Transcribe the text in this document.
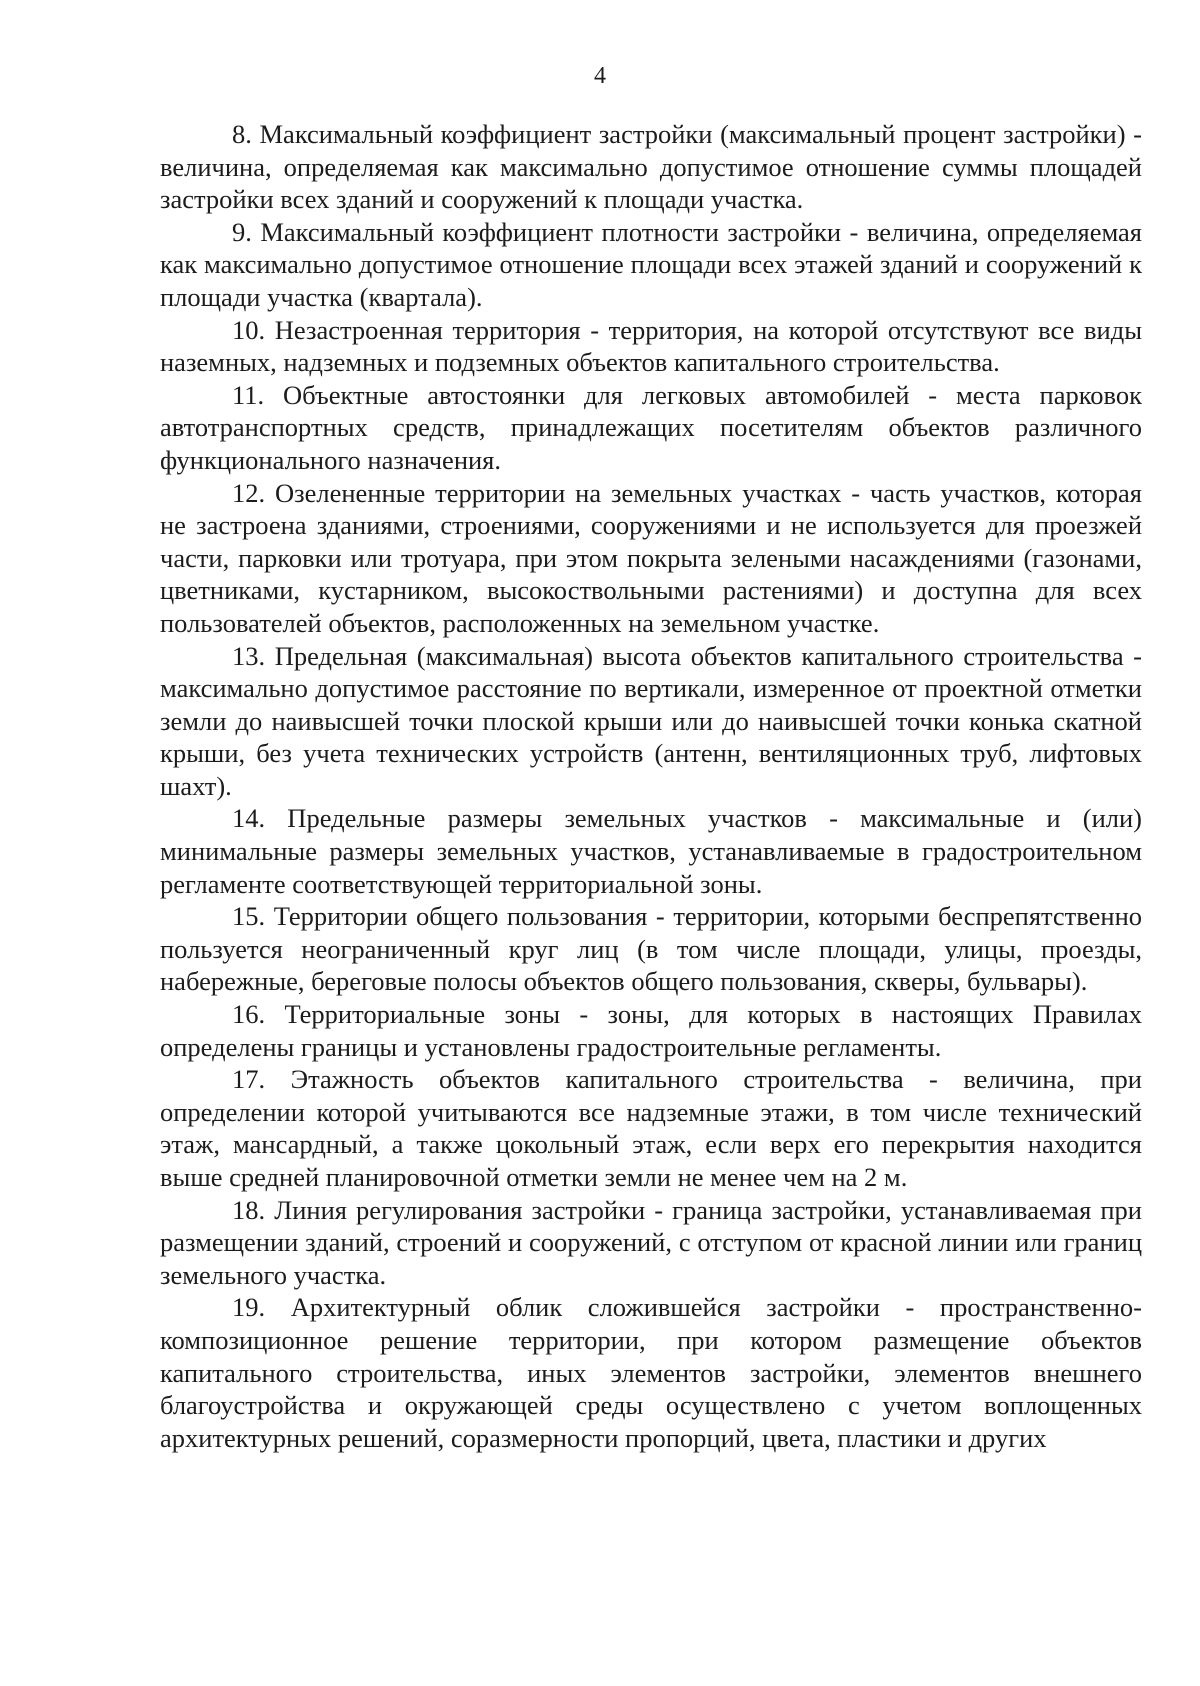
4

8. Максимальный коэффициент застройки (максимальный процент застройки) - величина, определяемая как максимально допустимое отношение суммы площадей застройки всех зданий и сооружений к площади участка.

9. Максимальный коэффициент плотности застройки - величина, определяемая как максимально допустимое отношение площади всех этажей зданий и сооружений к площади участка (квартала).

10. Незастроенная территория - территория, на которой отсутствуют все виды наземных, надземных и подземных объектов капитального строительства.

11. Объектные автостоянки для легковых автомобилей - места парковок автотранспортных средств, принадлежащих посетителям объектов различного функционального назначения.

12. Озелененные территории на земельных участках - часть участков, которая не застроена зданиями, строениями, сооружениями и не используется для проезжей части, парковки или тротуара, при этом покрыта зелеными насаждениями (газонами, цветниками, кустарником, высокоствольными растениями) и доступна для всех пользователей объектов, расположенных на земельном участке.

13. Предельная (максимальная) высота объектов капитального строительства - максимально допустимое расстояние по вертикали, измеренное от проектной отметки земли до наивысшей точки плоской крыши или до наивысшей точки конька скатной крыши, без учета технических устройств (антенн, вентиляционных труб, лифтовых шахт).

14. Предельные размеры земельных участков - максимальные и (или) минимальные размеры земельных участков, устанавливаемые в градостроительном регламенте соответствующей территориальной зоны.

15. Территории общего пользования - территории, которыми беспрепятственно пользуется неограниченный круг лиц (в том числе площади, улицы, проезды, набережные, береговые полосы объектов общего пользования, скверы, бульвары).

16. Территориальные зоны - зоны, для которых в настоящих Правилах определены границы и установлены градостроительные регламенты.

17. Этажность объектов капитального строительства - величина, при определении которой учитываются все надземные этажи, в том числе технический этаж, мансардный, а также цокольный этаж, если верх его перекрытия находится выше средней планировочной отметки земли не менее чем на 2 м.

18. Линия регулирования застройки - граница застройки, устанавливаемая при размещении зданий, строений и сооружений, с отступом от красной линии или границ земельного участка.

19. Архитектурный облик сложившейся застройки - пространственно-композиционное решение территории, при котором размещение объектов капитального строительства, иных элементов застройки, элементов внешнего благоустройства и окружающей среды осуществлено с учетом воплощенных архитектурных решений, соразмерности пропорций, цвета, пластики и других
